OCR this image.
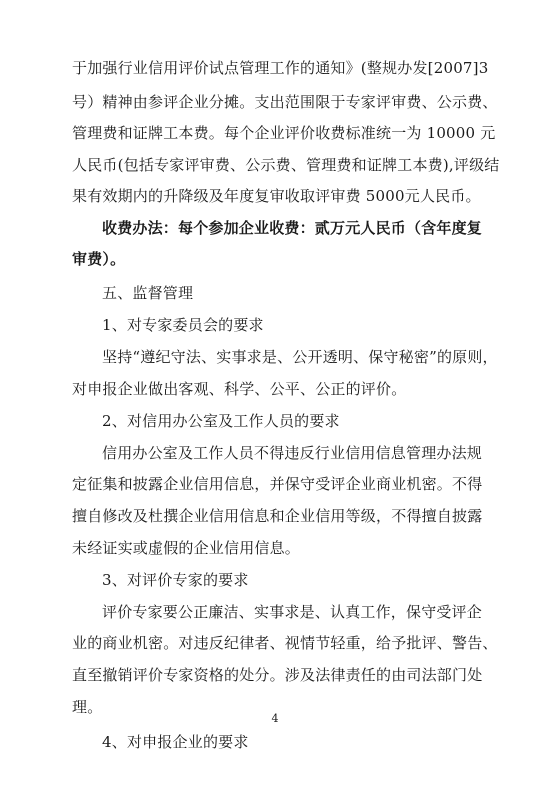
于加强行业信用评价试点管理工作的通知》(整规办发[2007]3
号）精神由参评企业分摊。支出范围限于专家评审费、公示费、
管理费和证牌工本费。每个企业评价收费标准统一为 10000 元
人民币(包括专家评审费、公示费、管理费和证牌工本费),评级结
果有效期内的升降级及年度复审收取评审费 5000元人民币。
收费办法：每个参加企业收费：贰万元人民币（含年度复
审费）。
五、监督管理
1、对专家委员会的要求
坚持“遵纪守法、实事求是、公开透明、保守秘密”的原则，
对申报企业做出客观、科学、公平、公正的评价。
2、对信用办公室及工作人员的要求
信用办公室及工作人员不得违反行业信用信息管理办法规
定征集和披露企业信用信息，并保守受评企业商业机密。不得
擅自修改及杜撰企业信用信息和企业信用等级，不得擅自披露
未经证实或虚假的企业信用信息。
3、对评价专家的要求
评价专家要公正廉洁、实事求是、认真工作，保守受评企
业的商业机密。对违反纪律者、视情节轻重，给予批评、警告、
直至撤销评价专家资格的处分。涉及法律责任的由司法部门处
理。
4
4、对申报企业的要求
